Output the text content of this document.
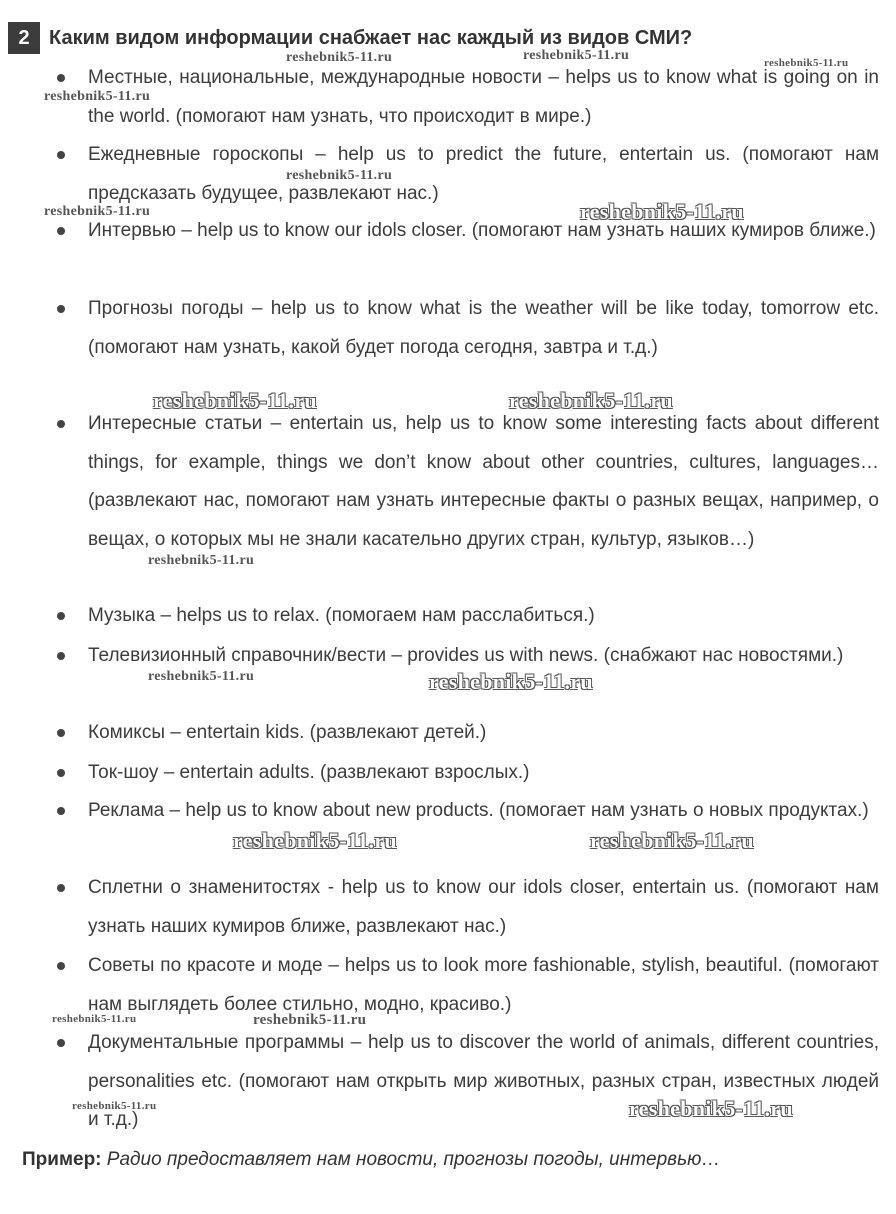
2 Каким видом информации снабжает нас каждый из видов СМИ?
Местные, национальные, международные новости – helps us to know what is going on in the world. (помогают нам узнать, что происходит в мире.)
Ежедневные гороскопы – help us to predict the future, entertain us. (помогают нам предсказать будущее, развлекают нас.)
Интервью – help us to know our idols closer. (помогают нам узнать наших кумиров ближе.)
Прогнозы погоды – help us to know what is the weather will be like today, tomorrow etc. (помогают нам узнать, какой будет погода сегодня, завтра и т.д.)
Интересные статьи – entertain us, help us to know some interesting facts about different things, for example, things we don’t know about other countries, cultures, languages…(развлекают нас, помогают нам узнать интересные факты о разных вещах, например, о вещах, о которых мы не знали касательно других стран, культур, языков…)
Музыка – helps us to relax. (помогаем нам расслабиться.)
Телевизионный справочник/вести – provides us with news. (снабжают нас новостями.)
Комиксы – entertain kids. (развлекают детей.)
Ток-шоу – entertain adults. (развлекают взрослых.)
Реклама – help us to know about new products. (помогает нам узнать о новых продуктах.)
Сплетни о знаменитостях - help us to know our idols closer, entertain us. (помогают нам узнать наших кумиров ближе, развлекают нас.)
Советы по красоте и моде – helps us to look more fashionable, stylish, beautiful. (помогают нам выглядеть более стильно, модно, красиво.)
Документальные программы – help us to discover the world of animals, different countries, personalities etc. (помогают нам открыть мир животных, разных стран, известных людей и т.д.)
Пример: Радио предоставляет нам новости, прогнозы погоды, интервью…
reshebnik5-11.ru	reshebnik5-11.ru	reshebnik5-11.ru
reshebnik5-11.ru
reshebnik5-11.ru
reshebnik5-11.ru	reshebnik5-11.ru
reshebnik5-11.ru	reshebnik5-11.ru
reshebnik5-11.ru
reshebnik5-11.ru	reshebnik5-11.ru
reshebnik5-11.ru	reshebnik5-11.ru
reshebnik5-11.ru	reshebnik5-11.ru
reshebnik5-11.ru	reshebnik5-11.ru
